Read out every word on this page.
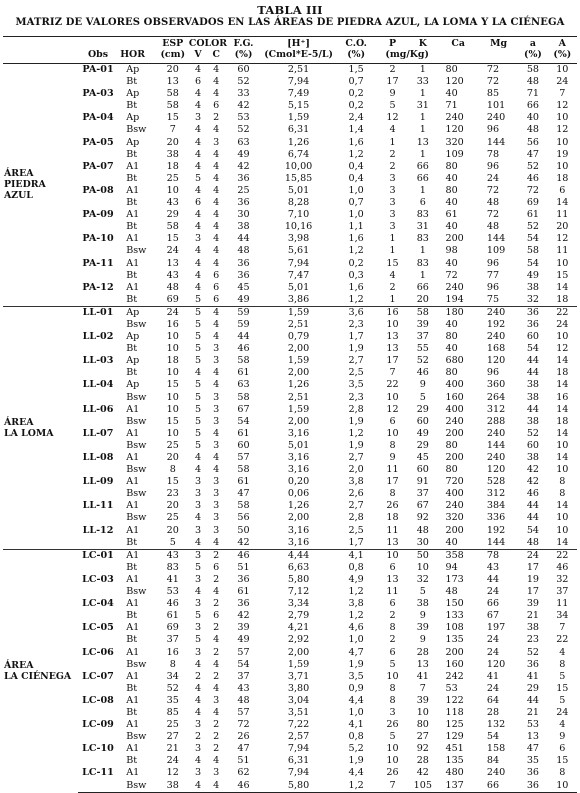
TABLA III
MATRIZ DE VALORES OBSERVADOS EN LAS ÁREAS DE PIEDRA AZUL, LA LOMA Y LA CIÉNEGA
			ESP	COLOR		F.G.	[H⁺]	C.O.	P	K	Ca	Mg	a	A
	Obs	HOR	(cm)	V	C	(%)	(Cmol*E-5/L)	(%)	(mg/Kg)				(%)	(%)

ÁREA
PIEDRA AZUL	PA-01	Ap	20	4	4	60	2,51	1,5	2	1	80	72	58	10
		Bt	13	6	4	52	7,94	0,7	17	33	120	72	48	24
	PA-03	Ap	58	4	4	33	7,49	0,2	9	1	40	85	71	7
		Bt	58	4	6	42	5,15	0,2	5	31	71	101	66	12
	PA-04	Ap	15	3	2	53	1,59	2,4	12	1	240	240	40	10
		Bsw	7	4	4	52	6,31	1,4	4	1	120	96	48	12
	PA-05	Ap	20	4	3	63	1,26	1,6	1	13	320	144	56	10
		Bt	38	4	4	49	6,74	1,2	2	1	109	78	47	19
	PA-07	A1	18	4	4	42	10,00	0,4	2	66	80	96	52	10
		Bt	25	5	4	36	15,85	0,4	3	66	40	24	46	18
	PA-08	A1	10	4	4	25	5,01	1,0	3	1	80	72	72	6
		Bt	43	6	4	36	8,28	0,7	3	6	40	48	69	14
	PA-09	A1	29	4	4	30	7,10	1,0	3	83	61	72	61	11
		Bt	58	4	4	38	10,16	1,1	3	31	40	48	52	20
	PA-10	A1	15	3	4	44	3,98	1,6	1	83	200	144	54	12
		Bsw	24	4	4	48	5,61	1,2	1	1	98	109	58	11
	PA-11	A1	13	4	4	36	7,94	0,2	15	83	40	96	54	10
		Bt	43	4	6	36	7,47	0,3	4	1	72	77	49	15
	PA-12	A1	48	4	6	45	5,01	1,6	2	66	240	96	38	14
		Bt	69	5	6	49	3,86	1,2	1	20	194	75	32	18

ÁREA
LA LOMA	LL-01	Ap	24	5	4	59	1,59	3,6	16	58	180	240	36	22
		Bsw	16	5	4	59	2,51	2,3	10	39	40	192	36	24
	LL-02	Ap	10	5	4	44	0,79	1,7	13	37	80	240	60	10
		Bt	10	5	3	46	2,00	1,9	13	55	40	168	54	12
	LL-03	Ap	18	5	3	58	1,59	2,7	17	52	680	120	44	14
		Bt	10	4	4	61	2,00	2,5	7	46	80	96	44	18
	LL-04	Ap	15	5	4	63	1,26	3,5	22	9	400	360	38	14
		Bsw	10	5	3	58	2,51	2,3	10	5	160	264	38	16
	LL-06	A1	10	5	3	67	1,59	2,8	12	29	400	312	44	14
		Bsw	15	5	3	54	2,00	1,9	6	60	240	288	38	18
	LL-07	A1	10	5	4	61	3,16	1,2	10	49	200	240	52	14
		Bsw	25	5	3	60	5,01	1,9	8	29	80	144	60	10
	LL-08	A1	20	4	4	57	3,16	2,7	9	45	200	240	38	14
		Bsw	8	4	4	58	3,16	2,0	11	60	80	120	42	10
	LL-09	A1	15	3	3	61	0,20	3,8	17	91	720	528	42	8
		Bsw	23	3	3	47	0,06	2,6	8	37	400	312	46	8
	LL-11	A1	20	3	3	58	1,26	2,7	26	67	240	384	44	14
		Bsw	25	4	3	56	2,00	2,8	18	92	320	336	44	10
	LL-12	A1	20	3	3	50	3,16	2,5	11	48	200	192	54	10
		Bt	5	4	4	42	3,16	1,7	13	30	40	144	48	14

ÁREA
LA CIÉNEGA	LC-01	A1	43	3	2	46	4,44	4,1	10	50	358	78	24	22
		Bt	83	5	6	51	6,63	0,8	6	10	94	43	17	46
	LC-03	A1	41	3	2	36	5,80	4,9	13	32	173	44	19	32
		Bsw	53	4	4	61	7,12	1,2	11	5	48	24	17	37
	LC-04	A1	46	3	2	36	3,34	3,8	6	38	150	66	39	11
		Bt	61	5	6	42	2,79	1,2	2	9	133	67	21	34
	LC-05	A1	69	3	2	39	4,21	4,6	8	39	108	197	38	7
		Bt	37	5	4	49	2,92	1,0	2	9	135	24	23	22
	LC-06	A1	16	3	2	57	2,00	4,7	6	28	200	24	52	4
		Bsw	8	4	4	54	1,59	1,9	5	13	160	120	36	8
	LC-07	A1	34	2	2	37	3,71	3,5	10	41	242	41	41	5
		Bt	52	4	4	43	3,80	0,9	8	7	53	24	29	15
	LC-08	A1	35	4	3	48	3,04	4,4	8	39	122	64	44	5
		Bt	85	4	4	57	3,51	1,0	3	10	118	28	21	24
	LC-09	A1	25	3	2	72	7,22	4,1	26	80	125	132	53	4
		Bsw	27	2	2	26	2,57	0,8	5	27	129	54	13	9
	LC-10	A1	21	3	2	47	7,94	5,2	10	92	451	158	47	6
		Bt	24	4	4	51	6,31	1,9	10	28	135	84	35	15
	LC-11	A1	12	3	3	62	7,94	4,4	26	42	480	240	36	8
		Bsw	38	4	4	46	5,80	1,2	7	105	137	66	36	10
